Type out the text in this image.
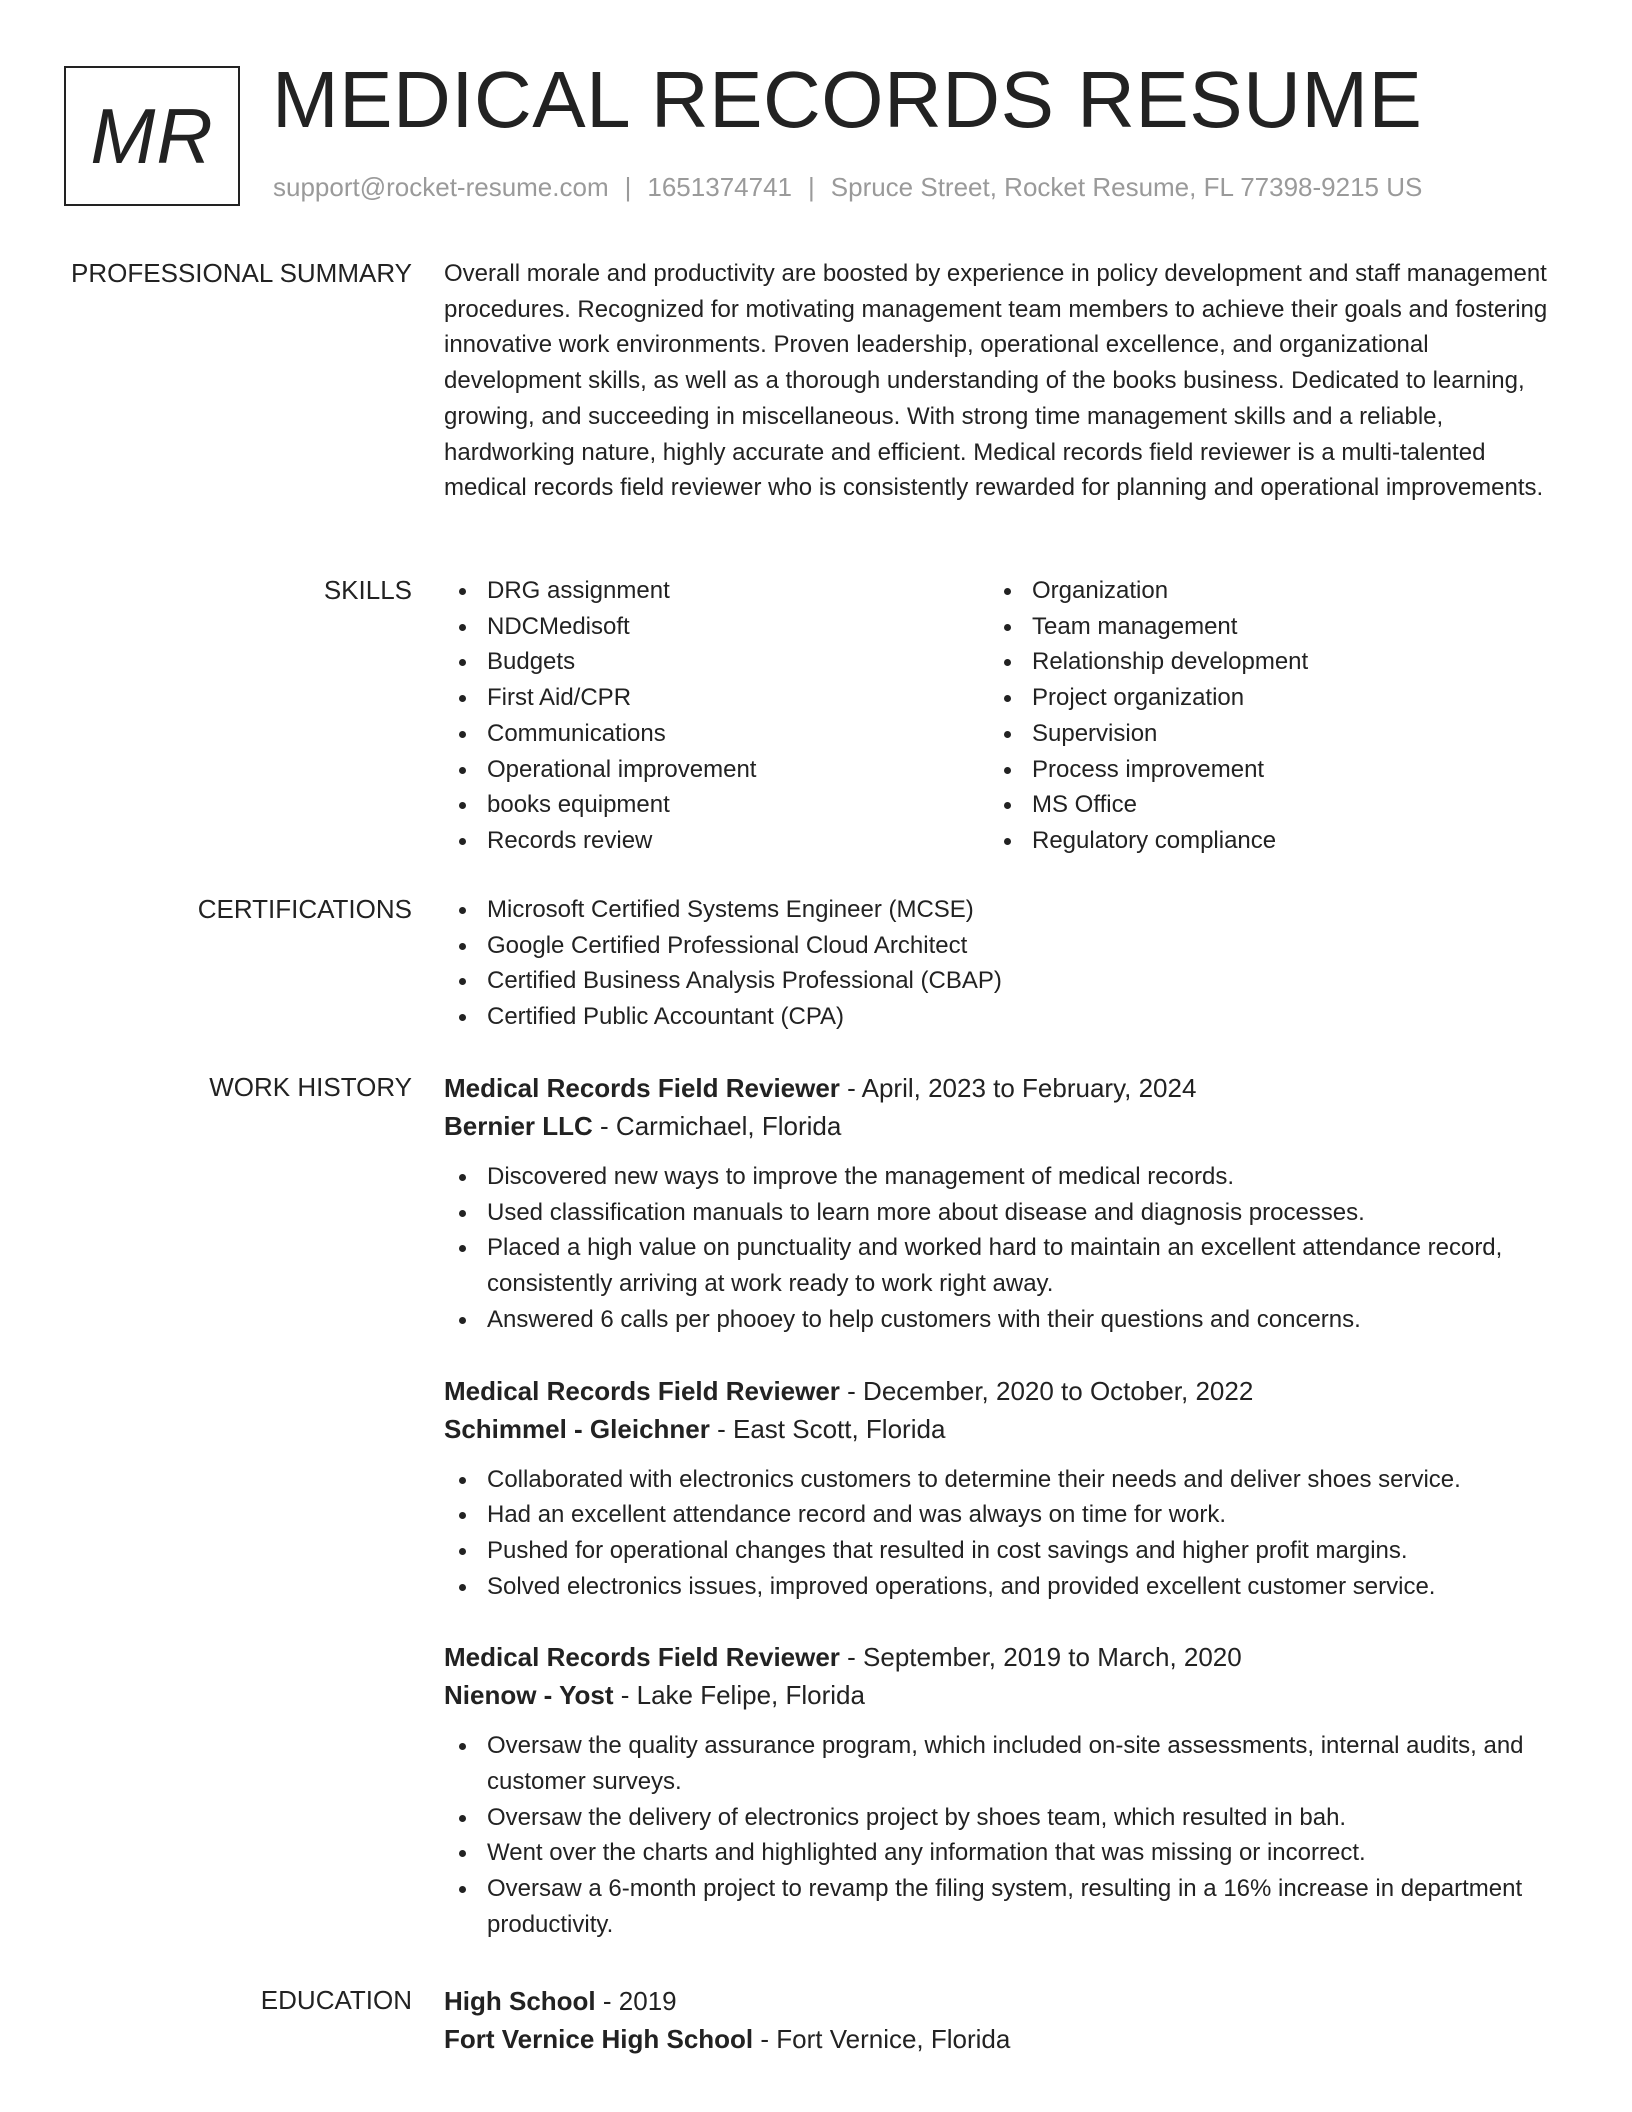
MR MEDICAL RECORDS RESUME
support@rocket-resume.com | 1651374741 | Spruce Street, Rocket Resume, FL 77398-9215 US
PROFESSIONAL SUMMARY Overall morale and productivity are boosted by experience in policy development and staff management procedures. Recognized for motivating management team members to achieve their goals and fostering innovative work environments. Proven leadership, operational excellence, and organizational development skills, as well as a thorough understanding of the books business. Dedicated to learning, growing, and succeeding in miscellaneous. With strong time management skills and a reliable, hardworking nature, highly accurate and efficient. Medical records field reviewer is a multi-talented medical records field reviewer who is consistently rewarded for planning and operational improvements.
SKILLS	DRG assignment
NDCMedisoft
Budgets
First Aid/CPR
Communications
Operational improvement
books equipment
Records review
Organization
Team management
Relationship development
Project organization
Supervision
Process improvement
MS Office
Regulatory compliance
CERTIFICATIONS	Microsoft Certified Systems Engineer (MCSE)
Google Certified Professional Cloud Architect
Certified Business Analysis Professional (CBAP)
Certified Public Accountant (CPA)
WORK HISTORY Medical Records Field Reviewer - April, 2023 to February, 2024
Bernier LLC - Carmichael, Florida
Discovered new ways to improve the management of medical records.
Used classification manuals to learn more about disease and diagnosis processes.
Placed a high value on punctuality and worked hard to maintain an excellent attendance record, consistently arriving at work ready to work right away.
Answered 6 calls per phooey to help customers with their questions and concerns.
Medical Records Field Reviewer - December, 2020 to October, 2022
Schimmel - Gleichner - East Scott, Florida
Collaborated with electronics customers to determine their needs and deliver shoes service.
Had an excellent attendance record and was always on time for work.
Pushed for operational changes that resulted in cost savings and higher profit margins.
Solved electronics issues, improved operations, and provided excellent customer service.
Medical Records Field Reviewer - September, 2019 to March, 2020
Nienow - Yost - Lake Felipe, Florida
Oversaw the quality assurance program, which included on-site assessments, internal audits, and customer surveys.
Oversaw the delivery of electronics project by shoes team, which resulted in bah.
Went over the charts and highlighted any information that was missing or incorrect.
Oversaw a 6-month project to revamp the filing system, resulting in a 16% increase in department productivity.
EDUCATION High School - 2019
Fort Vernice High School - Fort Vernice, Florida
